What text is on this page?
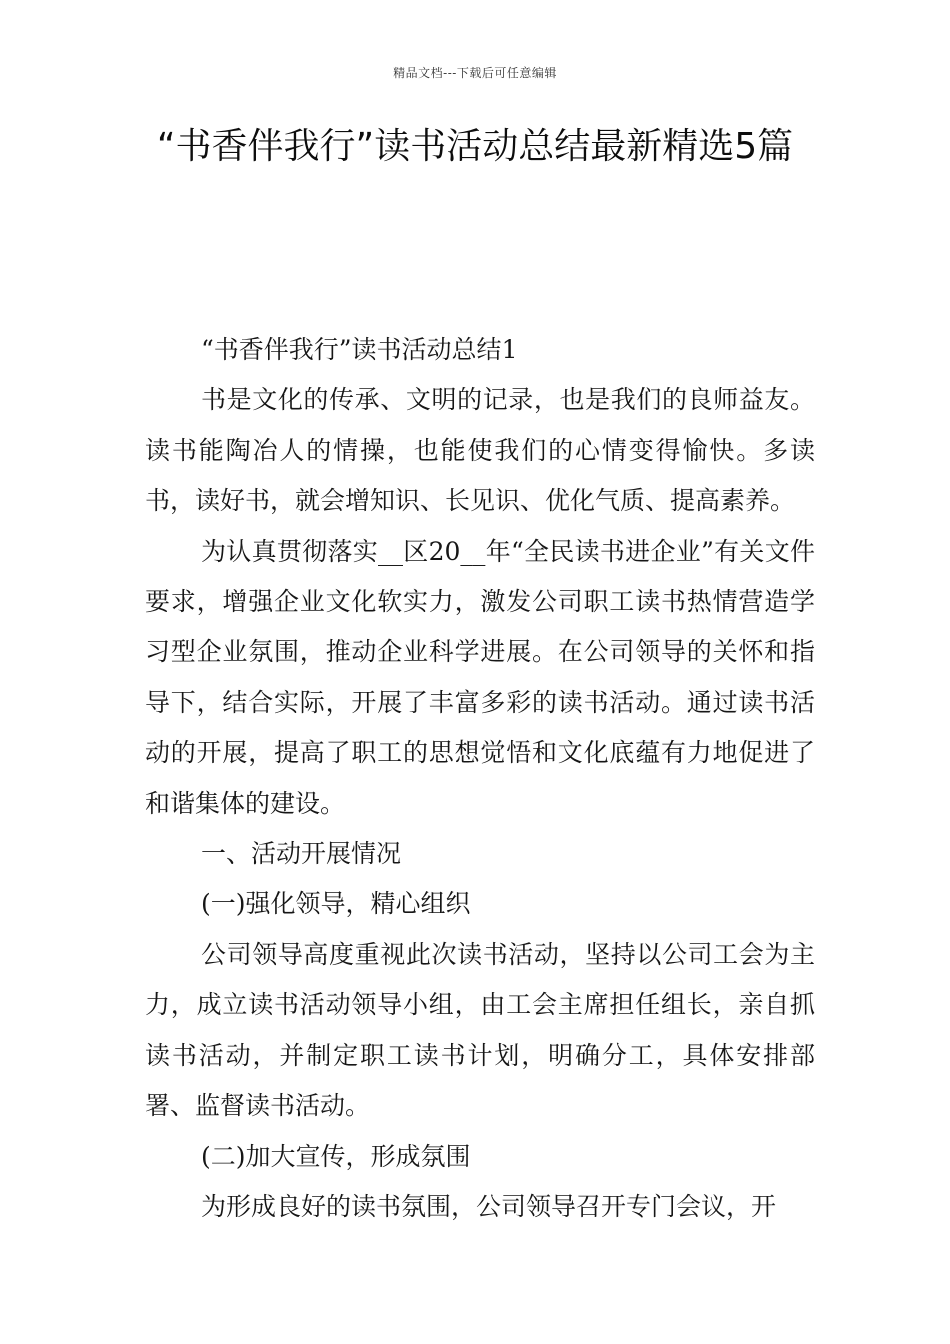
精品文档---下载后可任意编辑
“书香伴我行”读书活动总结最新精选5篇

“书香伴我行”读书活动总结1

书是文化的传承、文明的记录，也是我们的良师益友。读书能陶冶人的情操，也能使我们的心情变得愉快。多读书，读好书，就会增知识、长见识、优化气质、提高素养。

为认真贯彻落实__区20__年“全民读书进企业”有关文件要求，增强企业文化软实力，激发公司职工读书热情营造学习型企业氛围，推动企业科学进展。在公司领导的关怀和指导下，结合实际，开展了丰富多彩的读书活动。通过读书活动的开展，提高了职工的思想觉悟和文化底蕴有力地促进了和谐集体的建设。

一、活动开展情况

(一)强化领导，精心组织

公司领导高度重视此次读书活动，坚持以公司工会为主力，成立读书活动领导小组，由工会主席担任组长，亲自抓读书活动，并制定职工读书计划，明确分工，具体安排部署、监督读书活动。

(二)加大宣传，形成氛围

为形成良好的读书氛围，公司领导召开专门会议，开
